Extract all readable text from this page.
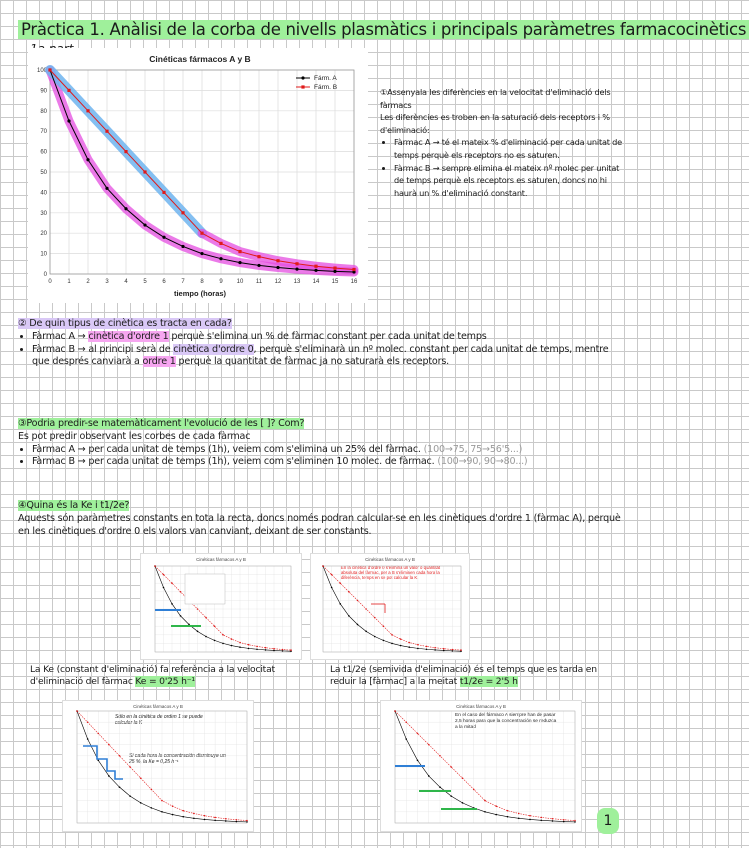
Pràctica 1. Anàlisi de la corba de nivells plasmàtics i principals paràmetres farmacocinètics
1a part
Cinéticas fármacos A y B
0	1	2	3	4	5	6	7	8	9 10 11 12 13 14 15 16
0
10
20
30
40
50
60
70
80
90
100
Fárm. A
Fárm. B
tiempo (horas)
①Assenyala les diferències en la velocitat d'eliminació dels fàrmacs
Les diferències es troben en la saturació dels receptors i % d'eliminació:
• Fàrmac A → té el mateix % d'eliminació per cada unitat de temps perquè els receptors no es saturen.
• Fàrmac B → sempre elimina el mateix nº molec per unitat de temps perquè els receptors es saturen, doncs no hi haurà un % d'eliminació constant.
② De quin tipus de cinètica es tracta en cada?
• Fàrmac A → cinètica d'ordre 1 perquè s'elimina un % de fàrmac constant per cada unitat de temps
• Fàrmac B → al principi serà de cinètica d'ordre 0, perquè s'eliminarà un nº molec. constant per cada unitat de temps, mentre que després canviarà a ordre 1 perquè la quantitat de fàrmac ja no saturarà els receptors.
③Podria predir-se matemàticament l'evolució de les [ ]? Com?
Es pot predir observant les corbes de cada fàrmac
• Fàrmac A → per cada unitat de temps (1h), veiem com s'elimina un 25% del fàrmac. (100→75, 75→56'5...)
• Fàrmac B → per cada unitat de temps (1h), veiem com s'eliminen 10 molec. de fàrmac. (100→90, 90→80...)
④Quina és la Ke i t1/2e?
Aquests són paràmetres constants en tota la recta, doncs només podran calcular-se en les cinètiques d'ordre 1 (fàrmac A), perquè en les cinètiques d'ordre 0 els valors van canviant, deixant de ser constants.
Cinéticas fármacos A y B	Cinéticas fármacos A y B
En la cinètica d'ordre 0 s'elimina un valor o quantitat absoluta del fàrmac, per a B s'eliminen cada hora la diferència, temps en se pot calcular la K.
La Ke (constant d'eliminació) fa referència a la velocitat d'eliminació del fàrmac Ke = 0'25 h⁻¹
La t1/2e (semivida d'eliminació) és el temps que es tarda en reduir la [fàrmac] a la meitat t1/2e = 2'5 h
Cinéticas fármacos A y B
Sólo en la cinética de orden 1 se puede calcular la K
Si cada hora la concentración disminuye un 25 %, la Ke = 0,25 h⁻¹
Cinéticas fármacos A y B
En el caso del fármaco A siempre han de pasar 2,5 horas para que la concentración se reduzca a la mitad
1
